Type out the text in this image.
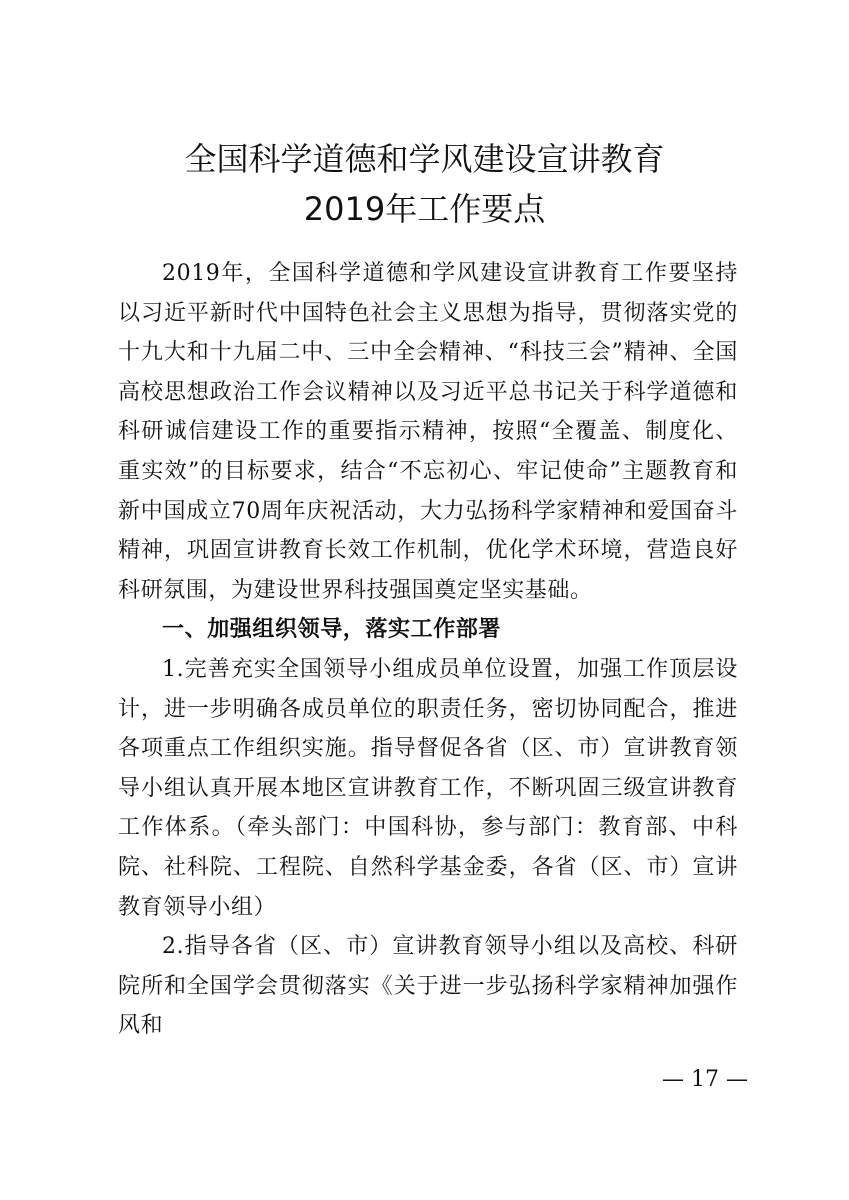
全国科学道德和学风建设宣讲教育
2019年工作要点

2019年，全国科学道德和学风建设宣讲教育工作要坚持以习近平新时代中国特色社会主义思想为指导，贯彻落实党的十九大和十九届二中、三中全会精神、“科技三会”精神、全国高校思想政治工作会议精神以及习近平总书记关于科学道德和科研诚信建设工作的重要指示精神，按照“全覆盖、制度化、重实效”的目标要求，结合“不忘初心、牢记使命”主题教育和新中国成立70周年庆祝活动，大力弘扬科学家精神和爱国奋斗精神，巩固宣讲教育长效工作机制，优化学术环境，营造良好科研氛围，为建设世界科技强国奠定坚实基础。

一、加强组织领导，落实工作部署

1.完善充实全国领导小组成员单位设置，加强工作顶层设计，进一步明确各成员单位的职责任务，密切协同配合，推进各项重点工作组织实施。指导督促各省（区、市）宣讲教育领导小组认真开展本地区宣讲教育工作，不断巩固三级宣讲教育工作体系。（牵头部门：中国科协，参与部门：教育部、中科院、社科院、工程院、自然科学基金委，各省（区、市）宣讲教育领导小组）

2.指导各省（区、市）宣讲教育领导小组以及高校、科研院所和全国学会贯彻落实《关于进一步弘扬科学家精神加强作风和

— 17 —
